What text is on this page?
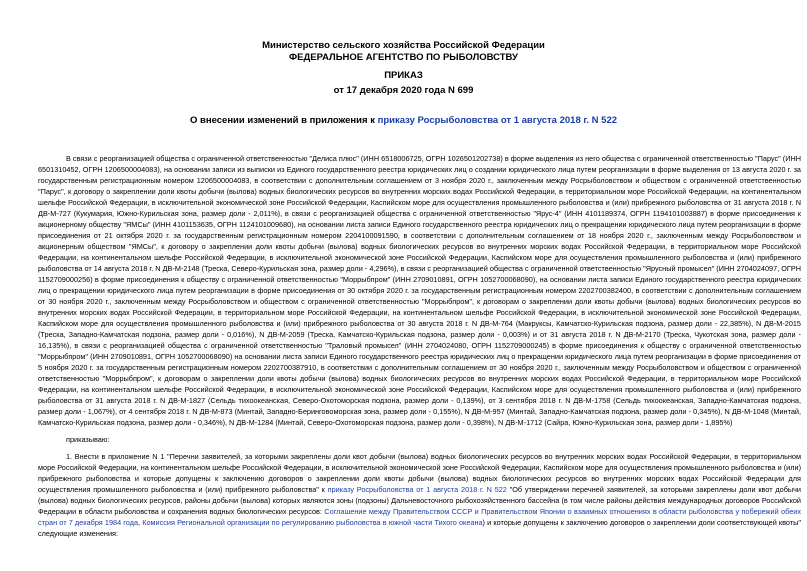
Министерство сельского хозяйства Российской Федерации
ФЕДЕРАЛЬНОЕ АГЕНТСТВО ПО РЫБОЛОВСТВУ
ПРИКАЗ
от 17 декабря 2020 года N 699
О внесении изменений в приложения к приказу Росрыболовства от 1 августа 2018 г. N 522
В связи с реорганизацией общества с ограниченной ответственностью "Делиса плюс" (ИНН 6518006725, ОГРН 1026501202738) в форме выделения из него общества с ограниченной ответственностью "Парус" (ИНН 6501310452, ОГРН 1206500004083), на основании записи из выписки из Единого государственного реестра юридических лиц о создании юридического лица путем реорганизации в форме выделения от 13 августа 2020 г. за государственным регистрационным номером 1206500004083, в соответствии с дополнительным соглашением от 3 ноября 2020 г., заключенным между Росрыболовством и обществом с ограниченной ответственностью "Парус", к договору о закреплении доли квоты добычи (вылова) водных биологических ресурсов во внутренних морских водах Российской Федерации, в территориальном море Российской Федерации, на континентальном шельфе Российской Федерации, в исключительной экономической зоне Российской Федерации, Каспийском море для осуществления промышленного рыболовства и (или) прибрежного рыболовства от 31 августа 2018 г. N ДВ-М-727 (Кукумария, Южно-Курильская зона, размер доли - 2,011%), в связи с реорганизацией общества с ограниченной ответственностью "Ярус-4" (ИНН 4101189374, ОГРН 1194101003887) в форме присоединения к акционерному обществу "ЯМСы" (ИНН 4101153635, ОГРН 1124101009680), на основании листа записи Единого государственного реестра юридических лиц о прекращении юридического лица путем реорганизации в форме присоединения от 21 октября 2020 г. за государственным регистрационным номером 2204100091590, в соответствии с дополнительным соглашением от 18 ноября 2020 г., заключенным между Росрыболовством и акционерным обществом "ЯМСы", к договору о закреплении доли квоты добычи (вылова) водных биологических ресурсов во внутренних морских водах Российской Федерации, в территориальном море Российской Федерации, на континентальном шельфе Российской Федерации, в исключительной экономической зоне Российской Федерации, Каспийском море для осуществления промышленного рыболовства и (или) прибрежного рыболовства от 14 августа 2018 г. N ДВ-М-2148 (Треска, Северо-Курильская зона, размер доли - 4,296%), в связи с реорганизацией общества с ограниченной ответственностью "Ярусный промысел" (ИНН 2704024097, ОГРН 1152709000256) в форме присоединения к обществу с ограниченной ответственностью "Моррыбпром" (ИНН 2709010891, ОГРН 1052700068090), на основании листа записи Единого государственного реестра юридических лиц о прекращении юридического лица путем реорганизации в форме присоединения от 30 октября 2020 г. за государственным регистрационным номером 2202700382400, в соответствии с дополнительным соглашением от 30 ноября 2020 г., заключенным между Росрыболовством и обществом с ограниченной ответственностью "Моррыбпром", к договорам о закреплении доли квоты добычи (вылова) водных биологических ресурсов во внутренних морских водах Российской Федерации, в территориальном море Российской Федерации, на континентальном шельфе Российской Федерации, в исключительной экономической зоне Российской Федерации, Каспийском море для осуществления промышленного рыболовства и (или) прибрежного рыболовства от 30 августа 2018 г. N ДВ-М-764 (Макруксы, Камчатско-Курильская подзона, размер доли - 22,385%), N ДВ-М-2015 (Треска, Западно-Камчатская подзона, размер доли - 0,016%), N ДВ-М-2059 (Треска, Камчатско-Курильская подзона, размер доли - 0,003%) и от 31 августа 2018 г. N ДВ-М-2170 (Треска, Чукотская зона, размер доли - 16,135%), в связи с реорганизацией общества с ограниченной ответственностью "Траловый промысел" (ИНН 2704024080, ОГРН 1152709000245) в форме присоединения к обществу с ограниченной ответственностью "Моррыбпром" (ИНН 2709010891, ОГРН 1052700068090) на основании листа записи Единого государственного реестра юридических лиц о прекращении юридического лица путем реорганизации в форме присоединения от 5 ноября 2020 г. за государственным регистрационным номером 2202700387910, в соответствии с дополнительным соглашением от 30 ноября 2020 г., заключенным между Росрыболовством и обществом с ограниченной ответственностью "Моррыбпром", к договорам о закреплении доли квоты добычи (вылова) водных биологических ресурсов во внутренних морских водах Российской Федерации, в территориальном море Российской Федерации, на континентальном шельфе Российской Федерации, в исключительной экономической зоне Российской Федерации, Каспийском море для осуществления промышленного рыболовства и (или) прибрежного рыболовства от 31 августа 2018 г. N ДВ-М-1827 (Сельдь тихоокеанская, Северо-Охотоморская подзона, размер доли - 0,139%), от 3 сентября 2018 г. N ДВ-М-1758 (Сельдь тихоокеанская, Западно-Камчатская подзона, размер доли - 1,067%), от 4 сентября 2018 г. N ДВ-М-873 (Минтай, Западно-Беринговоморская зона, размер доли - 0,155%), N ДВ-М-957 (Минтай, Западно-Камчатская подзона, размер доли - 0,345%), N ДВ-М-1048 (Минтай, Камчатско-Курильская подзона, размер доли - 0,346%), N ДВ-М-1284 (Минтай, Северо-Охотоморская подзона, размер доли - 0,398%), N ДВ-М-1712 (Сайра, Южно-Курильская зона, размер доли - 1,895%)
приказываю:
1. Внести в приложение N 1 "Перечни заявителей, за которыми закреплены доли квот добычи (вылова) водных биологических ресурсов во внутренних морских водах Российской Федерации, в территориальном море Российской Федерации, на континентальном шельфе Российской Федерации, в исключительной экономической зоне Российской Федерации, Каспийском море для осуществления промышленного рыболовства и (или) прибрежного рыболовства и которые допущены к заключению договоров о закреплении доли квоты добычи (вылова) водных биологических ресурсов во внутренних морских водах Российской Федерации для осуществления промышленного рыболовства и (или) прибрежного рыболовства" к приказу Росрыболовства от 1 августа 2018 г. N 522 "Об утверждении перечней заявителей, за которыми закреплены доли квот добычи (вылова) водных биологических ресурсов, районы добычи (вылова) которых являются зоны (подзоны) Дальневосточного рыбохозяйственного бассейна (в том числе районы действия международных договоров Российской Федерации в области рыболовства и сохранения водных биологических ресурсов: Соглашение между Правительством СССР и Правительством Японии о взаимных отношениях в области рыболовства у побережий обеих стран от 7 декабря 1984 года, Комиссия Региональной организации по регулированию рыболовства в южной части Тихого океана) и которые допущены к заключению договоров о закреплении доли соответствующей квоты" следующие изменения:
